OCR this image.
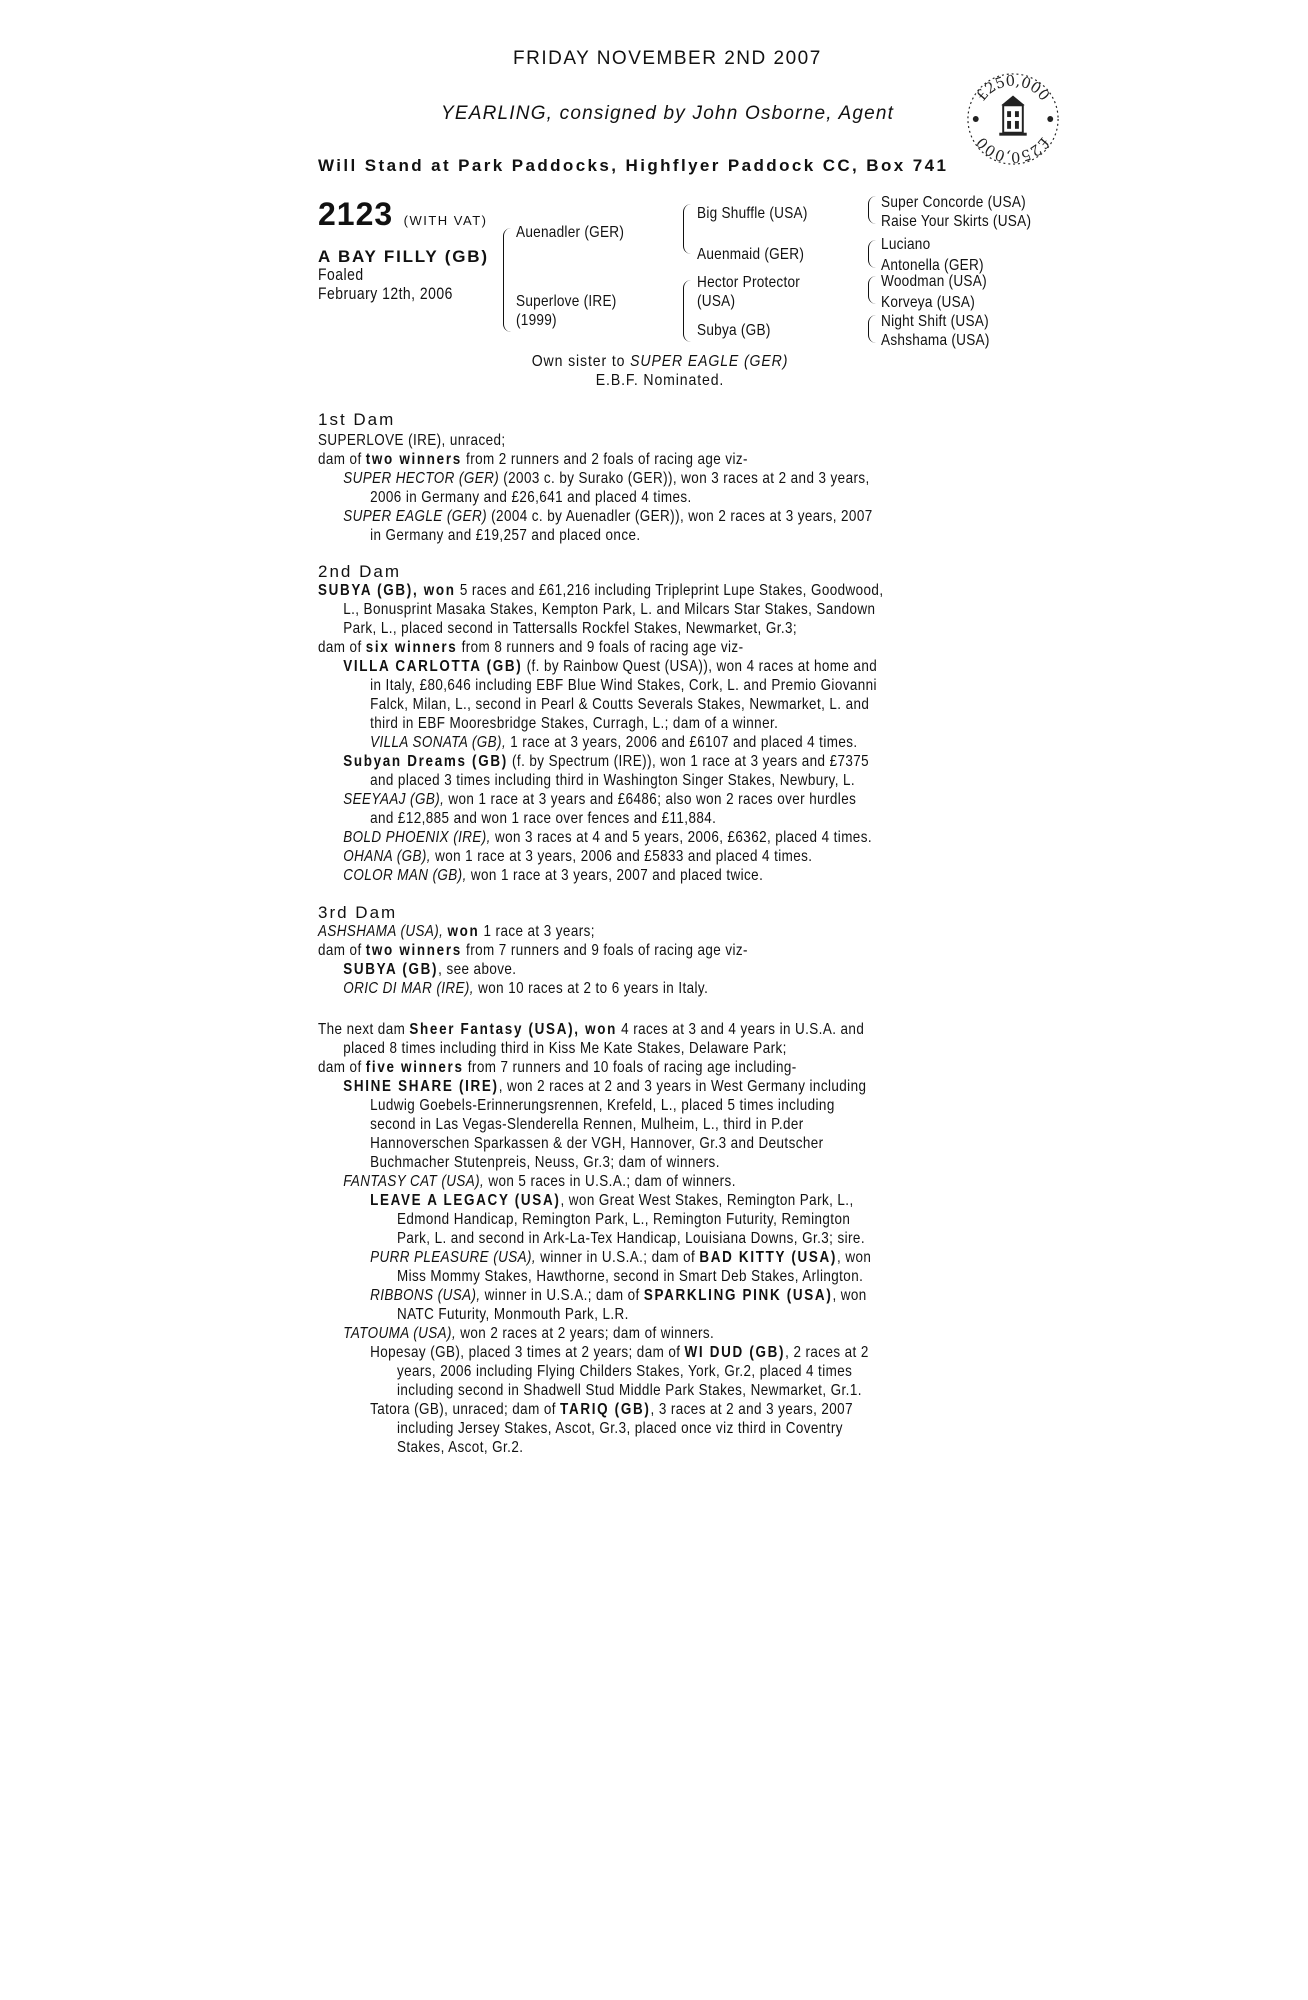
FRIDAY NOVEMBER 2ND 2007
YEARLING, consigned by John Osborne, Agent
Will Stand at Park Paddocks, Highflyer Paddock CC, Box 741
£250,000
£250,000
2123 (WITH VAT)
A BAY FILLY (GB)
Foaled
February 12th, 2006
Auenadler (GER)
Superlove (IRE)
(1999)
Big Shuffle (USA)
Auenmaid (GER)
Hector Protector
(USA)
Subya (GB)
Super Concorde (USA)
Raise Your Skirts (USA)
Luciano
Antonella (GER)
Woodman (USA)
Korveya (USA)
Night Shift (USA)
Ashshama (USA)
Own sister to SUPER EAGLE (GER)
E.B.F. Nominated.
1st Dam
SUPERLOVE (IRE), unraced;
dam of two winners from 2 runners and 2 foals of racing age viz-
SUPER HECTOR (GER) (2003 c. by Surako (GER)), won 3 races at 2 and 3 years,
2006 in Germany and £26,641 and placed 4 times.
SUPER EAGLE (GER) (2004 c. by Auenadler (GER)), won 2 races at 3 years, 2007
in Germany and £19,257 and placed once.
2nd Dam
SUBYA (GB), won 5 races and £61,216 including Tripleprint Lupe Stakes, Goodwood,
L., Bonusprint Masaka Stakes, Kempton Park, L. and Milcars Star Stakes, Sandown
Park, L., placed second in Tattersalls Rockfel Stakes, Newmarket, Gr.3;
dam of six winners from 8 runners and 9 foals of racing age viz-
VILLA CARLOTTA (GB) (f. by Rainbow Quest (USA)), won 4 races at home and
in Italy, £80,646 including EBF Blue Wind Stakes, Cork, L. and Premio Giovanni
Falck, Milan, L., second in Pearl & Coutts Severals Stakes, Newmarket, L. and
third in EBF Mooresbridge Stakes, Curragh, L.; dam of a winner.
VILLA SONATA (GB), 1 race at 3 years, 2006 and £6107 and placed 4 times.
Subyan Dreams (GB) (f. by Spectrum (IRE)), won 1 race at 3 years and £7375
and placed 3 times including third in Washington Singer Stakes, Newbury, L.
SEEYAAJ (GB), won 1 race at 3 years and £6486; also won 2 races over hurdles
and £12,885 and won 1 race over fences and £11,884.
BOLD PHOENIX (IRE), won 3 races at 4 and 5 years, 2006, £6362, placed 4 times.
OHANA (GB), won 1 race at 3 years, 2006 and £5833 and placed 4 times.
COLOR MAN (GB), won 1 race at 3 years, 2007 and placed twice.
3rd Dam
ASHSHAMA (USA), won 1 race at 3 years;
dam of two winners from 7 runners and 9 foals of racing age viz-
SUBYA (GB), see above.
ORIC DI MAR (IRE), won 10 races at 2 to 6 years in Italy.
The next dam Sheer Fantasy (USA), won 4 races at 3 and 4 years in U.S.A. and
placed 8 times including third in Kiss Me Kate Stakes, Delaware Park;
dam of five winners from 7 runners and 10 foals of racing age including-
SHINE SHARE (IRE), won 2 races at 2 and 3 years in West Germany including
Ludwig Goebels-Erinnerungsrennen, Krefeld, L., placed 5 times including
second in Las Vegas-Slenderella Rennen, Mulheim, L., third in P.der
Hannoverschen Sparkassen & der VGH, Hannover, Gr.3 and Deutscher
Buchmacher Stutenpreis, Neuss, Gr.3; dam of winners.
FANTASY CAT (USA), won 5 races in U.S.A.; dam of winners.
LEAVE A LEGACY (USA), won Great West Stakes, Remington Park, L.,
Edmond Handicap, Remington Park, L., Remington Futurity, Remington
Park, L. and second in Ark-La-Tex Handicap, Louisiana Downs, Gr.3; sire.
PURR PLEASURE (USA), winner in U.S.A.; dam of BAD KITTY (USA), won
Miss Mommy Stakes, Hawthorne, second in Smart Deb Stakes, Arlington.
RIBBONS (USA), winner in U.S.A.; dam of SPARKLING PINK (USA), won
NATC Futurity, Monmouth Park, L.R.
TATOUMA (USA), won 2 races at 2 years; dam of winners.
Hopesay (GB), placed 3 times at 2 years; dam of WI DUD (GB), 2 races at 2
years, 2006 including Flying Childers Stakes, York, Gr.2, placed 4 times
including second in Shadwell Stud Middle Park Stakes, Newmarket, Gr.1.
Tatora (GB), unraced; dam of TARIQ (GB), 3 races at 2 and 3 years, 2007
including Jersey Stakes, Ascot, Gr.3, placed once viz third in Coventry
Stakes, Ascot, Gr.2.
